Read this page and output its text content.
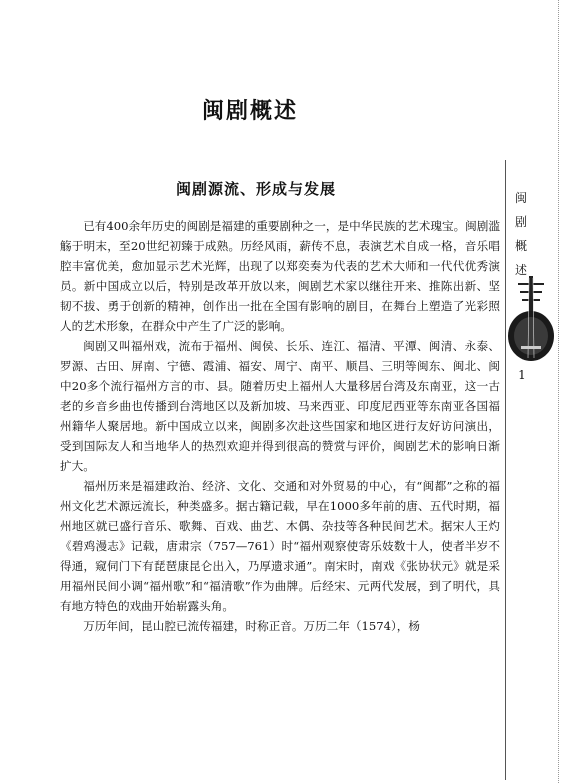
闽剧概述
闽剧源流、形成与发展

已有400余年历史的闽剧是福建的重要剧种之一，是中华民族的艺术瑰宝。闽剧滥觞于明末，至20世纪初臻于成熟。历经风雨，薪传不息，表演艺术自成一格，音乐唱腔丰富优美，愈加显示艺术光辉，出现了以郑奕奏为代表的艺术大师和一代代优秀演员。新中国成立以后，特别是改革开放以来，闽剧艺术家以继往开来、推陈出新、坚韧不拔、勇于创新的精神，创作出一批在全国有影响的剧目，在舞台上塑造了光彩照人的艺术形象，在群众中产生了广泛的影响。

闽剧又叫福州戏，流布于福州、闽侯、长乐、连江、福清、平潭、闽清、永泰、罗源、古田、屏南、宁德、霞浦、福安、周宁、南平、顺昌、三明等闽东、闽北、闽中20多个流行福州方言的市、县。随着历史上福州人大量移居台湾及东南亚，这一古老的乡音乡曲也传播到台湾地区以及新加坡、马来西亚、印度尼西亚等东南亚各国福州籍华人聚居地。新中国成立以来，闽剧多次赴这些国家和地区进行友好访问演出，受到国际友人和当地华人的热烈欢迎并得到很高的赞赏与评价，闽剧艺术的影响日渐扩大。

福州历来是福建政治、经济、文化、交通和对外贸易的中心，有“闽都”之称的福州文化艺术源远流长，种类盛多。据古籍记载，早在1000多年前的唐、五代时期，福州地区就已盛行音乐、歌舞、百戏、曲艺、木偶、杂技等各种民间艺术。据宋人王灼《碧鸡漫志》记载，唐肃宗（757—761）时“福州观察使寄乐妓数十人，使者半岁不得通，窥伺门下有琵琶康昆仑出入，乃厚遗求通”。南宋时，南戏《张协状元》就是采用福州民间小调“福州歌”和“福清歌”作为曲牌。后经宋、元两代发展，到了明代，具有地方特色的戏曲开始崭露头角。

万历年间，昆山腔已流传福建，时称正音。万历二年（1574），杨

闽
剧
概
述
1
